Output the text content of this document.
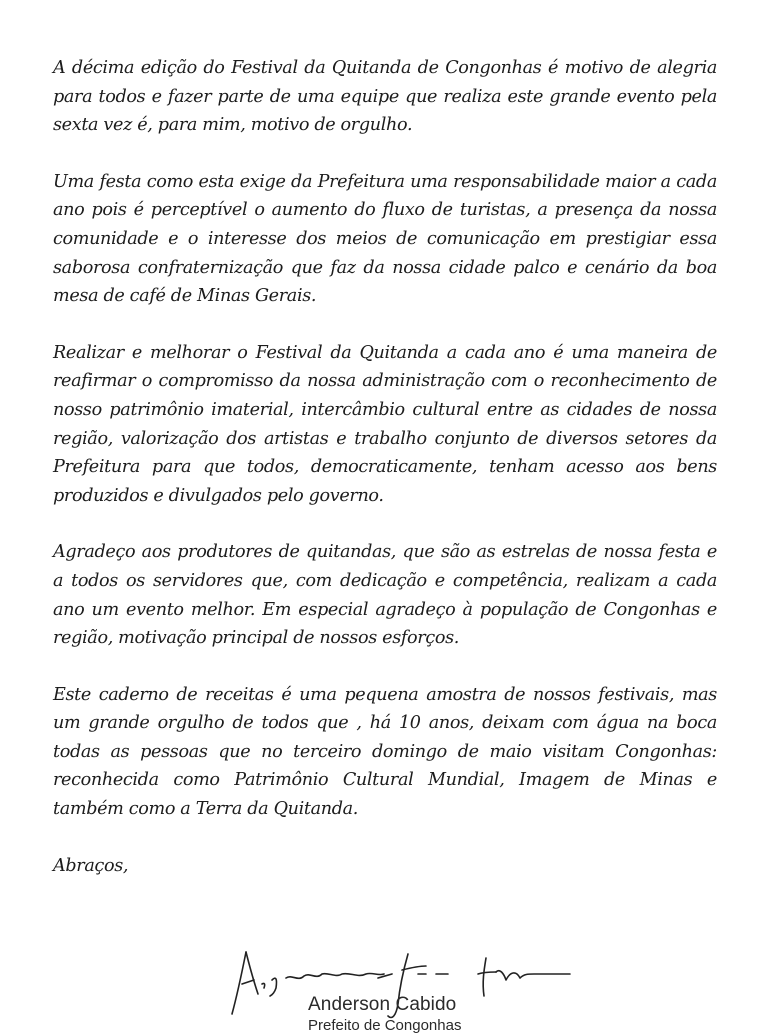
A décima edição do Festival da Quitanda de Congonhas é motivo de alegria para todos e fazer parte de uma equipe que realiza este grande evento pela sexta vez é, para mim, motivo de orgulho.

Uma festa como esta exige da Prefeitura uma responsabilidade maior a cada ano pois é perceptível o aumento do fluxo de turistas, a presença da nossa comunidade e o interesse dos meios de comunicação em prestigiar essa saborosa confraternização que faz da nossa cidade palco e cenário da boa mesa de café de Minas Gerais.

Realizar e melhorar o Festival da Quitanda a cada ano é uma maneira de reafirmar o compromisso da nossa administração com o reconhecimento de nosso patrimônio imaterial, intercâmbio cultural entre as cidades de nossa região, valorização dos artistas e trabalho conjunto de diversos setores da Prefeitura para que todos, democraticamente, tenham acesso aos bens produzidos e divulgados pelo governo.

Agradeço aos produtores de quitandas, que são as estrelas de nossa festa e a todos os servidores que, com dedicação e competência, realizam a cada ano um evento melhor. Em especial agradeço à população de Congonhas e região, motivação principal de nossos esforços.

Este caderno de receitas é uma pequena amostra de nossos festivais, mas um grande orgulho de todos que , há 10 anos, deixam com água na boca todas as pessoas que no terceiro domingo de maio visitam Congonhas: reconhecida como Patrimônio Cultural Mundial, Imagem de Minas e também como a Terra da Quitanda.

Abraços,

Anderson Cabido
Prefeito de Congonhas
